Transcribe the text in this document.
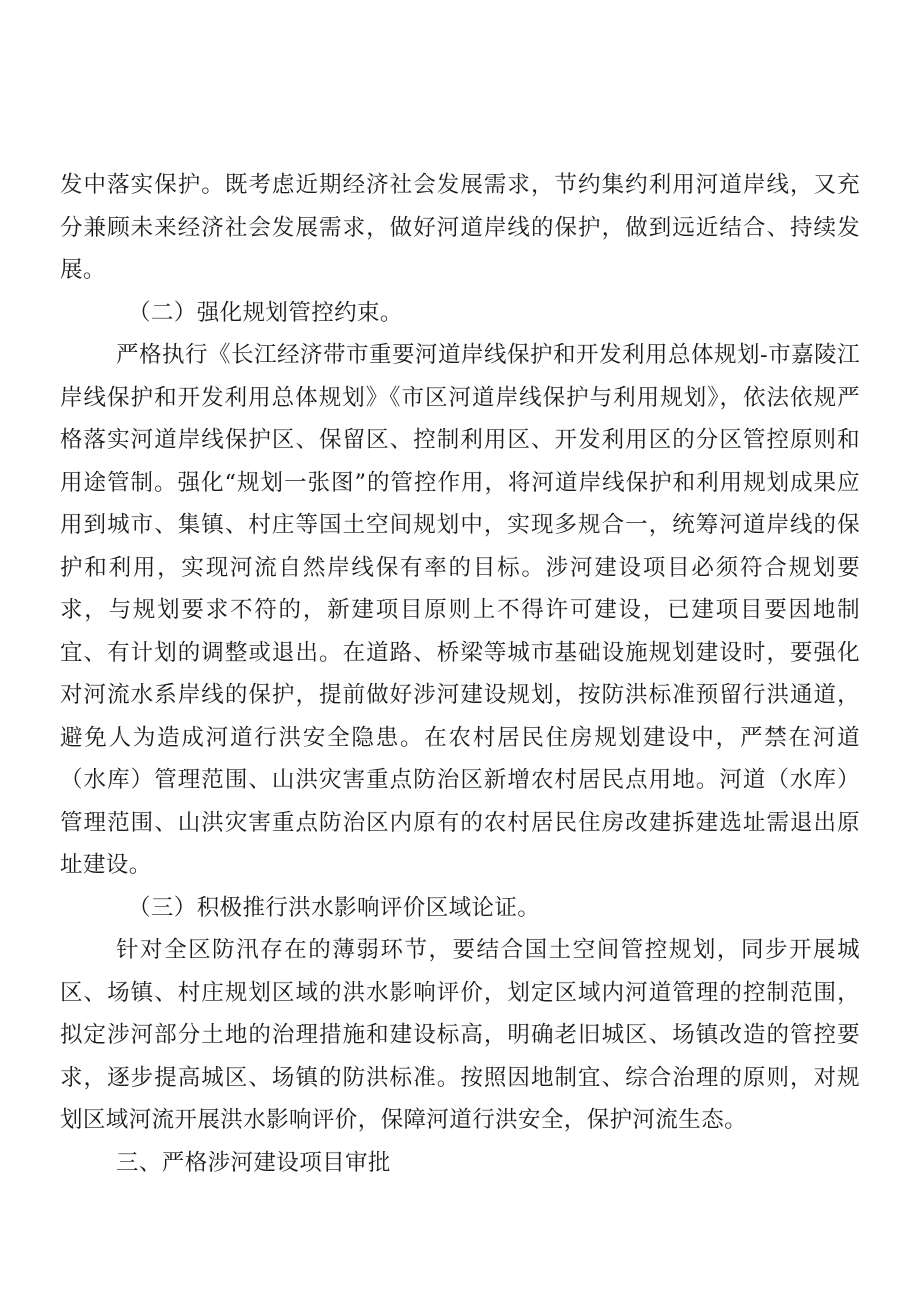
发中落实保护。既考虑近期经济社会发展需求，节约集约利用河道岸线，又充分兼顾未来经济社会发展需求，做好河道岸线的保护，做到远近结合、持续发展。

（二）强化规划管控约束。

严格执行《长江经济带市重要河道岸线保护和开发利用总体规划-市嘉陵江岸线保护和开发利用总体规划》《市区河道岸线保护与利用规划》，依法依规严格落实河道岸线保护区、保留区、控制利用区、开发利用区的分区管控原则和用途管制。强化“规划一张图”的管控作用，将河道岸线保护和利用规划成果应用到城市、集镇、村庄等国土空间规划中，实现多规合一，统筹河道岸线的保护和利用，实现河流自然岸线保有率的目标。涉河建设项目必须符合规划要求，与规划要求不符的，新建项目原则上不得许可建设，已建项目要因地制宜、有计划的调整或退出。在道路、桥梁等城市基础设施规划建设时，要强化对河流水系岸线的保护，提前做好涉河建设规划，按防洪标准预留行洪通道，避免人为造成河道行洪安全隐患。在农村居民住房规划建设中，严禁在河道（水库）管理范围、山洪灾害重点防治区新增农村居民点用地。河道（水库）管理范围、山洪灾害重点防治区内原有的农村居民住房改建拆建选址需退出原址建设。

（三）积极推行洪水影响评价区域论证。

针对全区防汛存在的薄弱环节，要结合国土空间管控规划，同步开展城区、场镇、村庄规划区域的洪水影响评价，划定区域内河道管理的控制范围，拟定涉河部分土地的治理措施和建设标高，明确老旧城区、场镇改造的管控要求，逐步提高城区、场镇的防洪标准。按照因地制宜、综合治理的原则，对规划区域河流开展洪水影响评价，保障河道行洪安全，保护河流生态。

三、严格涉河建设项目审批
